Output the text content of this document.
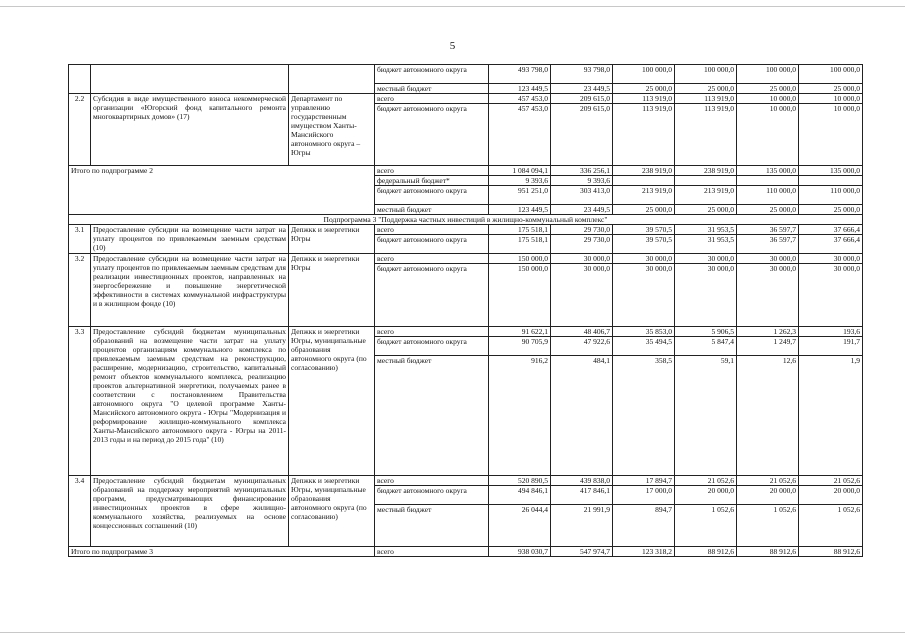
5
			бюджет автономного округа	493 798,0	93 798,0	100 000,0	100 000,0	100 000,0	100 000,0
			местный бюджет	123 449,5	23 449,5	25 000,0	25 000,0	25 000,0	25 000,0
2.2	Субсидия в виде имущественного взноса некоммерческой организации «Югорский фонд капитального ремонта многоквартирных домов» (17)	Департамент по управлению государственным имуществом Ханты-Мансийского автономного округа – Югры	всего	457 453,0	209 615,0	113 919,0	113 919,0	10 000,0	10 000,0
			бюджет автономного округа	457 453,0	209 615,0	113 919,0	113 919,0	10 000,0	10 000,0
Итого по подпрограмме 2			всего	1 084 094,1	336 256,1	238 919,0	238 919,0	135 000,0	135 000,0
			федеральный бюджет*	9 393,6	9 393,6				
			бюджет автономного округа	951 251,0	303 413,0	213 919,0	213 919,0	110 000,0	110 000,0
			местный бюджет	123 449,5	23 449,5	25 000,0	25 000,0	25 000,0	25 000,0
Подпрограмма 3 "Поддержка частных инвестиций в жилищно-коммунальный комплекс"									
3.1	Предоставление субсидии на возмещение части затрат на уплату процентов по привлекаемым заемным средствам (10)	Депжкк и энергетики Югры	всего	175 518,1	29 730,0	39 570,5	31 953,5	36 597,7	37 666,4
			бюджет автономного округа	175 518,1	29 730,0	39 570,5	31 953,5	36 597,7	37 666,4
3.2	Предоставление субсидии на возмещение части затрат на уплату процентов по привлекаемым заемным средствам для реализации инвестиционных проектов, направленных на энергосбережение и повышение энергетической эффективности в системах коммунальной инфраструктуры и в жилищном фонде (10)	Депжкк и энергетики Югры	всего	150 000,0	30 000,0	30 000,0	30 000,0	30 000,0	30 000,0
			бюджет автономного округа	150 000,0	30 000,0	30 000,0	30 000,0	30 000,0	30 000,0
3.3	Предоставление субсидий бюджетам муниципальных образований на возмещение части затрат на уплату процентов организациям коммунального комплекса по привлекаемым заемным средствам на реконструкцию, расширение, модернизацию, строительство, капитальный ремонт объектов коммунального комплекса, реализацию проектов альтернативной энергетики, получаемых ранее в соответствии с постановлением Правительства автономного округа "О целевой программе Ханты-Мансийского автономного округа - Югры "Модернизация и реформирование жилищно-коммунального комплекса Ханты-Мансийского автономного округа - Югры на 2011-2013 годы и на период до 2015 года" (10)	Депжкк и энергетики Югры, муниципальные образования автономного округа (по согласованию)	всего	91 622,1	48 406,7	35 853,0	5 906,5	1 262,3	193,6
			бюджет автономного округа	90 705,9	47 922,6	35 494,5	5 847,4	1 249,7	191,7
			местный бюджет	916,2	484,1	358,5	59,1	12,6	1,9
3.4	Предоставление субсидий бюджетам муниципальных образований на поддержку мероприятий муниципальных программ, предусматривающих финансирование инвестиционных проектов в сфере жилищно-коммунального хозяйства, реализуемых на основе концессионных соглашений (10)	Депжкк и энергетики Югры, муниципальные образования автономного округа (по согласованию)	всего	520 890,5	439 838,0	17 894,7	21 052,6	21 052,6	21 052,6
			бюджет автономного округа	494 846,1	417 846,1	17 000,0	20 000,0	20 000,0	20 000,0
			местный бюджет	26 044,4	21 991,9	894,7	1 052,6	1 052,6	1 052,6
Итого по подпрограмме 3			всего	938 030,7	547 974,7	123 318,2	88 912,6	88 912,6	88 912,6
